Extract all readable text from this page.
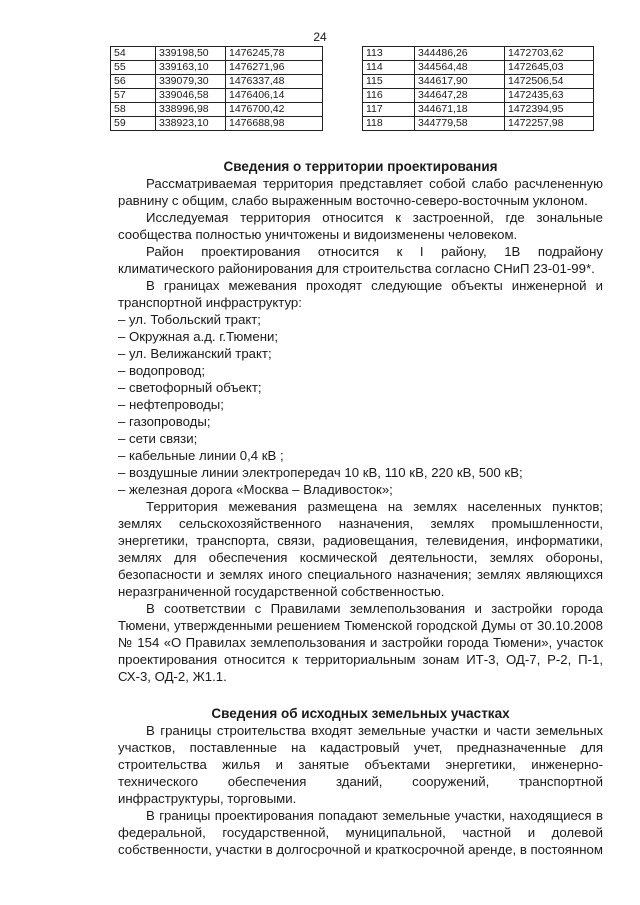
24
54	339198,50	1476245,78
55	339163,10	1476271,96
56	339079,30	1476337,48
57	339046,58	1476406,14
58	338996,98	1476700,42
59	338923,10	1476688,98
113	344486,26	1472703,62
114	344564,48	1472645,03
115	344617,90	1472506,54
116	344647,28	1472435,63
117	344671,18	1472394,95
118	344779,58	1472257,98

Сведения о территории проектирования

Рассматриваемая территория представляет собой слабо расчлененную равнину с общим, слабо выраженным восточно-северо-восточным уклоном.

Исследуемая территория относится к застроенной, где зональные сообщества полностью уничтожены и видоизменены человеком.

Район проектирования относится к I району, 1В подрайону климатического районирования для строительства согласно СНиП 23-01-99*.

В границах межевания проходят следующие объекты инженерной и транспортной инфраструктур:

– ул. Тобольский тракт;
– Окружная а.д. г.Тюмени;
– ул. Велижанский тракт;
– водопровод;
– светофорный объект;
– нефтепроводы;
– газопроводы;
– сети связи;
– кабельные линии 0,4 кВ ;
– воздушные линии электропередач 10 кВ, 110 кВ, 220 кВ, 500 кВ;
– железная дорога «Москва – Владивосток»;

Территория межевания размещена на землях населенных пунктов; землях сельскохозяйственного назначения, землях промышленности, энергетики, транспорта, связи, радиовещания, телевидения, информатики, землях для обеспечения космической деятельности, землях обороны, безопасности и землях иного специального назначения; землях являющихся неразграниченной государственной собственностью.

В соответствии с Правилами землепользования и застройки города Тюмени, утвержденными решением Тюменской городской Думы от 30.10.2008 № 154 «О Правилах землепользования и застройки города Тюмени», участок проектирования относится к территориальным зонам ИТ-3, ОД-7, Р-2, П-1, СХ-3, ОД-2, Ж1.1.

Сведения об исходных земельных участках

В границы строительства входят земельные участки и части земельных участков, поставленные на кадастровый учет, предназначенные для строительства жилья и занятые объектами энергетики, инженерно-технического обеспечения зданий, сооружений, транспортной инфраструктуры, торговыми.

В границы проектирования попадают земельные участки, находящиеся в федеральной, государственной, муниципальной, частной и долевой собственности, участки в долгосрочной и краткосрочной аренде, в постоянном
